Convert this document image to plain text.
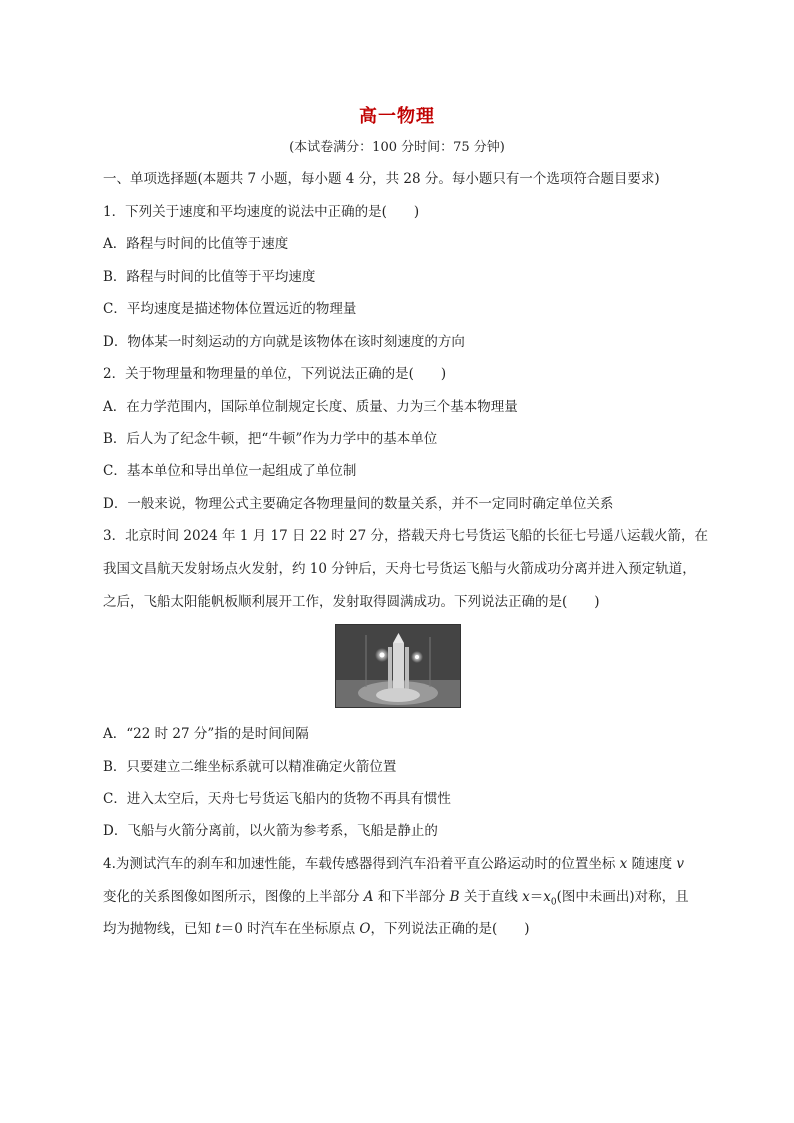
高一物理
(本试卷满分：100 分时间：75 分钟)
一、单项选择题(本题共 7 小题，每小题 4 分，共 28 分。每小题只有一个选项符合题目要求)
1．下列关于速度和平均速度的说法中正确的是(　　)
A．路程与时间的比值等于速度
B．路程与时间的比值等于平均速度
C．平均速度是描述物体位置远近的物理量
D．物体某一时刻运动的方向就是该物体在该时刻速度的方向
2．关于物理量和物理量的单位，下列说法正确的是(　　)
A．在力学范围内，国际单位制规定长度、质量、力为三个基本物理量
B．后人为了纪念牛顿，把“牛顿”作为力学中的基本单位
C．基本单位和导出单位一起组成了单位制
D．一般来说，物理公式主要确定各物理量间的数量关系，并不一定同时确定单位关系
3．北京时间 2024 年 1 月 17 日 22 时 27 分，搭载天舟七号货运飞船的长征七号遥八运载火箭，在
我国文昌航天发射场点火发射，约 10 分钟后，天舟七号货运飞船与火箭成功分离并进入预定轨道，
之后，飞船太阳能帆板顺利展开工作，发射取得圆满成功。下列说法正确的是(　　)
A．“22 时 27 分”指的是时间间隔
B．只要建立二维坐标系就可以精准确定火箭位置
C．进入太空后，天舟七号货运飞船内的货物不再具有惯性
D．飞船与火箭分离前，以火箭为参考系，飞船是静止的
4.为测试汽车的刹车和加速性能，车载传感器得到汽车沿着平直公路运动时的位置坐标 x 随速度 v
变化的关系图像如图所示，图像的上半部分 A 和下半部分 B 关于直线 $x=x_0$(图中未画出)对称，且
均为抛物线，已知 t＝0 时汽车在坐标原点 O，下列说法正确的是(　　)
